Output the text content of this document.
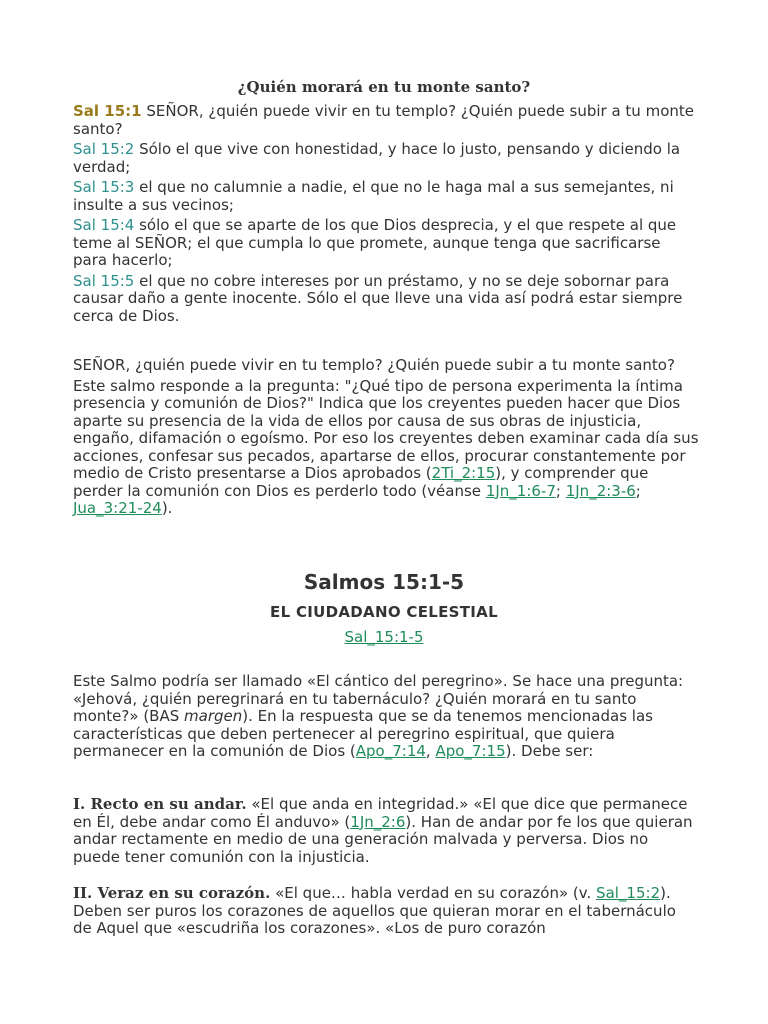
¿Quién morará en tu monte santo?

Sal 15:1 SEÑOR, ¿quién puede vivir en tu templo? ¿Quién puede subir a tu monte santo?

Sal 15:2 Sólo el que vive con honestidad, y hace lo justo, pensando y diciendo la verdad;

Sal 15:3 el que no calumnie a nadie, el que no le haga mal a sus semejantes, ni insulte a sus vecinos;

Sal 15:4 sólo el que se aparte de los que Dios desprecia, y el que respete al que teme al SEÑOR; el que cumpla lo que promete, aunque tenga que sacrificarse para hacerlo;

Sal 15:5 el que no cobre intereses por un préstamo, y no se deje sobornar para causar daño a gente inocente. Sólo el que lleve una vida así podrá estar siempre cerca de Dios.

SEÑOR, ¿quién puede vivir en tu templo? ¿Quién puede subir a tu monte santo?

Este salmo responde a la pregunta: "¿Qué tipo de persona experimenta la íntima presencia y comunión de Dios?" Indica que los creyentes pueden hacer que Dios aparte su presencia de la vida de ellos por causa de sus obras de injusticia, engaño, difamación o egoísmo. Por eso los creyentes deben examinar cada día sus acciones, confesar sus pecados, apartarse de ellos, procurar constantemente por medio de Cristo presentarse a Dios aprobados (2Ti_2:15), y comprender que perder la comunión con Dios es perderlo todo (véanse 1Jn_1:6-7; 1Jn_2:3-6; Jua_3:21-24).

Salmos 15:1-5
EL CIUDADANO CELESTIAL
Sal_15:1-5

Este Salmo podría ser llamado «El cántico del peregrino». Se hace una pregunta: «Jehová, ¿quién peregrinará en tu tabernáculo? ¿Quién morará en tu santo monte?» (BAS margen). En la respuesta que se da tenemos mencionadas las características que deben pertenecer al peregrino espiritual, que quiera permanecer en la comunión de Dios (Apo_7:14, Apo_7:15). Debe ser:

I. Recto en su andar. «El que anda en integridad.» «El que dice que permanece en Él, debe andar como Él anduvo» (1Jn_2:6). Han de andar por fe los que quieran andar rectamente en medio de una generación malvada y perversa. Dios no puede tener comunión con la injusticia.

II. Veraz en su corazón. «El que… habla verdad en su corazón» (v. Sal_15:2). Deben ser puros los corazones de aquellos que quieran morar en el tabernáculo de Aquel que «escudriña los corazones». «Los de puro corazón
